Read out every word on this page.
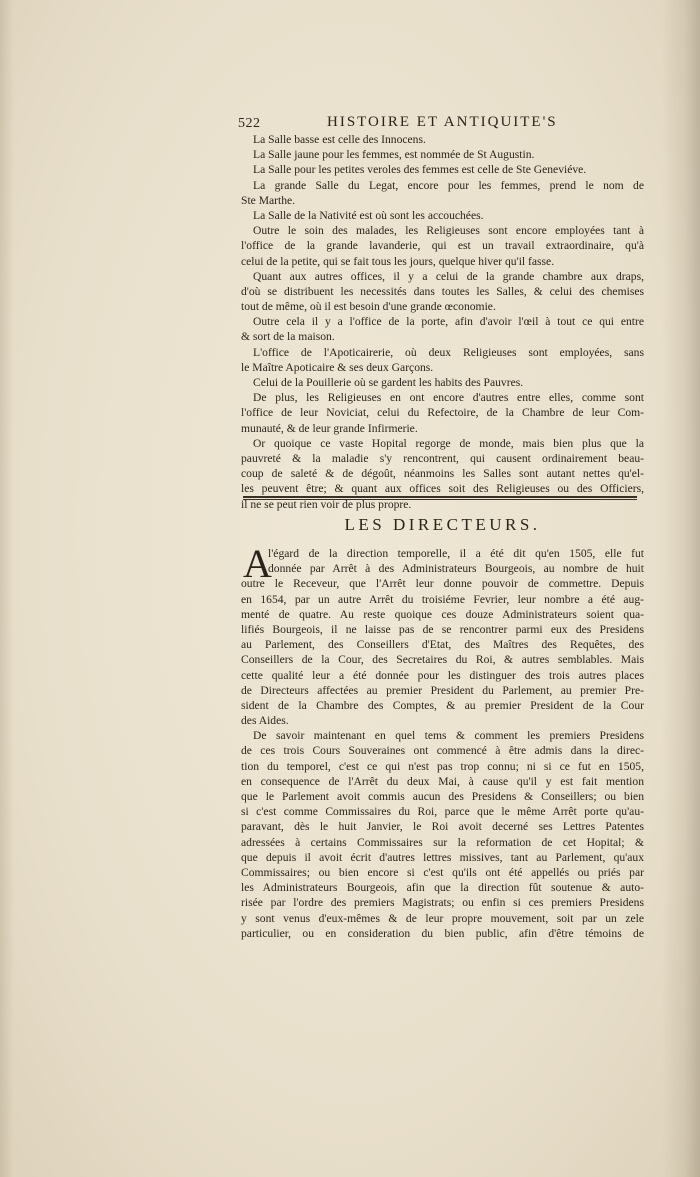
522	HISTOIRE ET ANTIQUITE'S
La Salle basse est celle des Innocens.
La Salle jaune pour les femmes, est nommée de St Augustin.
La Salle pour les petites veroles des femmes est celle de Ste Geneviéve.
La grande Salle du Legat, encore pour les femmes, prend le nom de
Ste Marthe.
La Salle de la Nativité est où sont les accouchées.
Outre le soin des malades, les Religieuses sont encore employées tant à
l'office de la grande lavanderie, qui est un travail extraordinaire, qu'à
celui de la petite, qui se fait tous les jours, quelque hiver qu'il fasse.
Quant aux autres offices, il y a celui de la grande chambre aux draps,
d'où se distribuent les necessités dans toutes les Salles, & celui des chemises
tout de même, où il est besoin d'une grande œconomie.
Outre cela il y a l'office de la porte, afin d'avoir l'œil à tout ce qui entre
& sort de la maison.
L'office de l'Apoticairerie, où deux Religieuses sont employées, sans
le Maître Apoticaire & ses deux Garçons.
Celui de la Pouillerie où se gardent les habits des Pauvres.
De plus, les Religieuses en ont encore d'autres entre elles, comme sont
l'office de leur Noviciat, celui du Refectoire, de la Chambre de leur Com-
munauté, & de leur grande Infirmerie.
Or quoique ce vaste Hopital regorge de monde, mais bien plus que la
pauvreté & la maladie s'y rencontrent, qui causent ordinairement beau-
coup de saleté & de dégoût, néanmoins les Salles sont autant nettes qu'el-
les peuvent être; & quant aux offices soit des Religieuses ou des Officiers,
il ne se peut rien voir de plus propre.
LES DIRECTEURS.
A
l'égard de la direction temporelle, il a été dit qu'en 1505, elle fut
donnée par Arrêt à des Administrateurs Bourgeois, au nombre de huit
outre le Receveur, que l'Arrêt leur donne pouvoir de commettre. Depuis
en 1654, par un autre Arrêt du troisiéme Fevrier, leur nombre a été aug-
menté de quatre. Au reste quoique ces douze Administrateurs soient qua-
lifiés Bourgeois, il ne laisse pas de se rencontrer parmi eux des Presidens
au Parlement, des Conseillers d'Etat, des Maîtres des Requêtes, des
Conseillers de la Cour, des Secretaires du Roi, & autres semblables. Mais
cette qualité leur a été donnée pour les distinguer des trois autres places
de Directeurs affectées au premier President du Parlement, au premier Pre-
sident de la Chambre des Comptes, & au premier President de la Cour
des Aides.
De savoir maintenant en quel tems & comment les premiers Presidens
de ces trois Cours Souveraines ont commencé à être admis dans la direc-
tion du temporel, c'est ce qui n'est pas trop connu; ni si ce fut en 1505,
en consequence de l'Arrêt du deux Mai, à cause qu'il y est fait mention
que le Parlement avoit commis aucun des Presidens & Conseillers; ou bien
si c'est comme Commissaires du Roi, parce que le même Arrêt porte qu'au-
paravant, dès le huit Janvier, le Roi avoit decerné ses Lettres Patentes
adressées à certains Commissaires sur la reformation de cet Hopital; &
que depuis il avoit écrit d'autres lettres missives, tant au Parlement, qu'aux
Commissaires; ou bien encore si c'est qu'ils ont été appellés ou priés par
les Administrateurs Bourgeois, afin que la direction fût soutenue & auto-
risée par l'ordre des premiers Magistrats; ou enfin si ces premiers Presidens
y sont venus d'eux-mêmes & de leur propre mouvement, soit par un zele
particulier, ou en consideration du bien public, afin d'être témoins de
